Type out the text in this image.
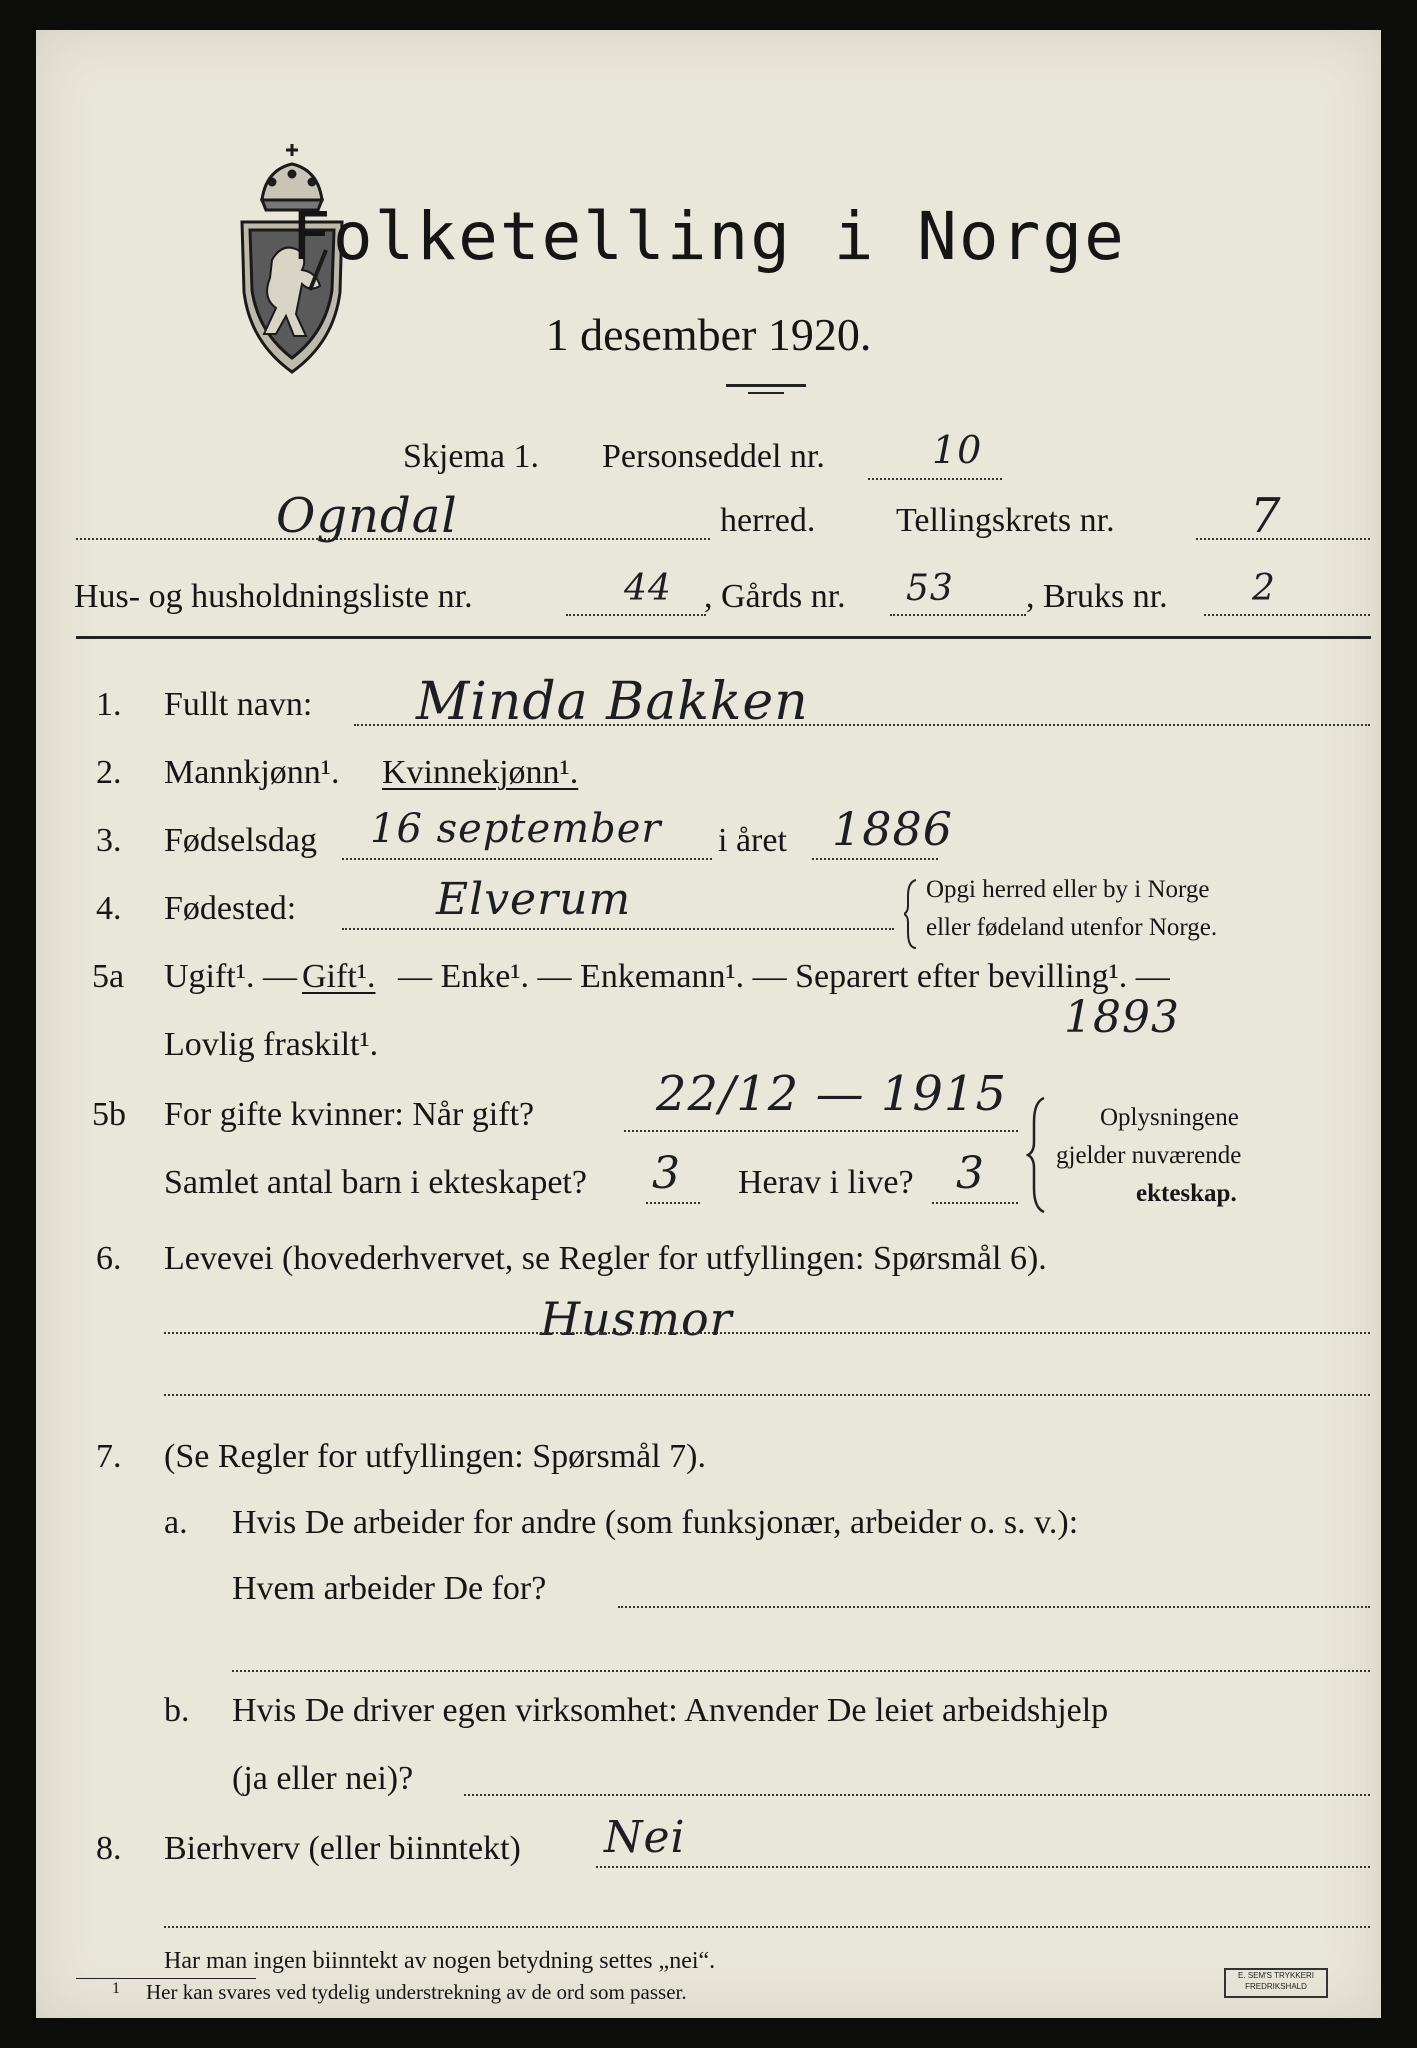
Folketelling i Norge
1 desember 1920.
Skjema 1. Personseddel nr.	10
Ogndal	herred. Tellingskrets nr.	7
Hus- og husholdningsliste nr.	44 , Gårds nr. 53 , Bruks nr. 2
1. Fullt navn: Minda Bakken
2. Mannkjønn¹. Kvinnekjønn¹.
3. Fødselsdag 16 september i året 1886
4. Fødested:	Elverum	Opgi herred eller by i Norge
eller fødeland utenfor Norge.
5a Ugift¹. — Gift¹. — Enke¹. — Enkemann¹. — Separert efter bevilling¹. —
Lovlig fraskilt¹.
1893
5b For gifte kvinner: Når gift?	22/12 — 1915
Samlet antal barn i ekteskapet? 3 Herav i live? 3
Oplysningene
gjelder nuværende
ekteskap.
6. Levevei (hovederhvervet, se Regler for utfyllingen: Spørsmål 6).
Husmor
7. (Se Regler for utfyllingen: Spørsmål 7).
a. Hvis De arbeider for andre (som funksjonær, arbeider o. s. v.):
Hvem arbeider De for?
b. Hvis De driver egen virksomhet: Anvender De leiet arbeidshjelp
(ja eller nei)?
8. Bierhverv (eller biinntekt) Nei
Har man ingen biinntekt av nogen betydning settes „nei“.
1 Her kan svares ved tydelig understrekning av de ord som passer.
E. SEM'S TRYKKERI FREDRIKSHALD
